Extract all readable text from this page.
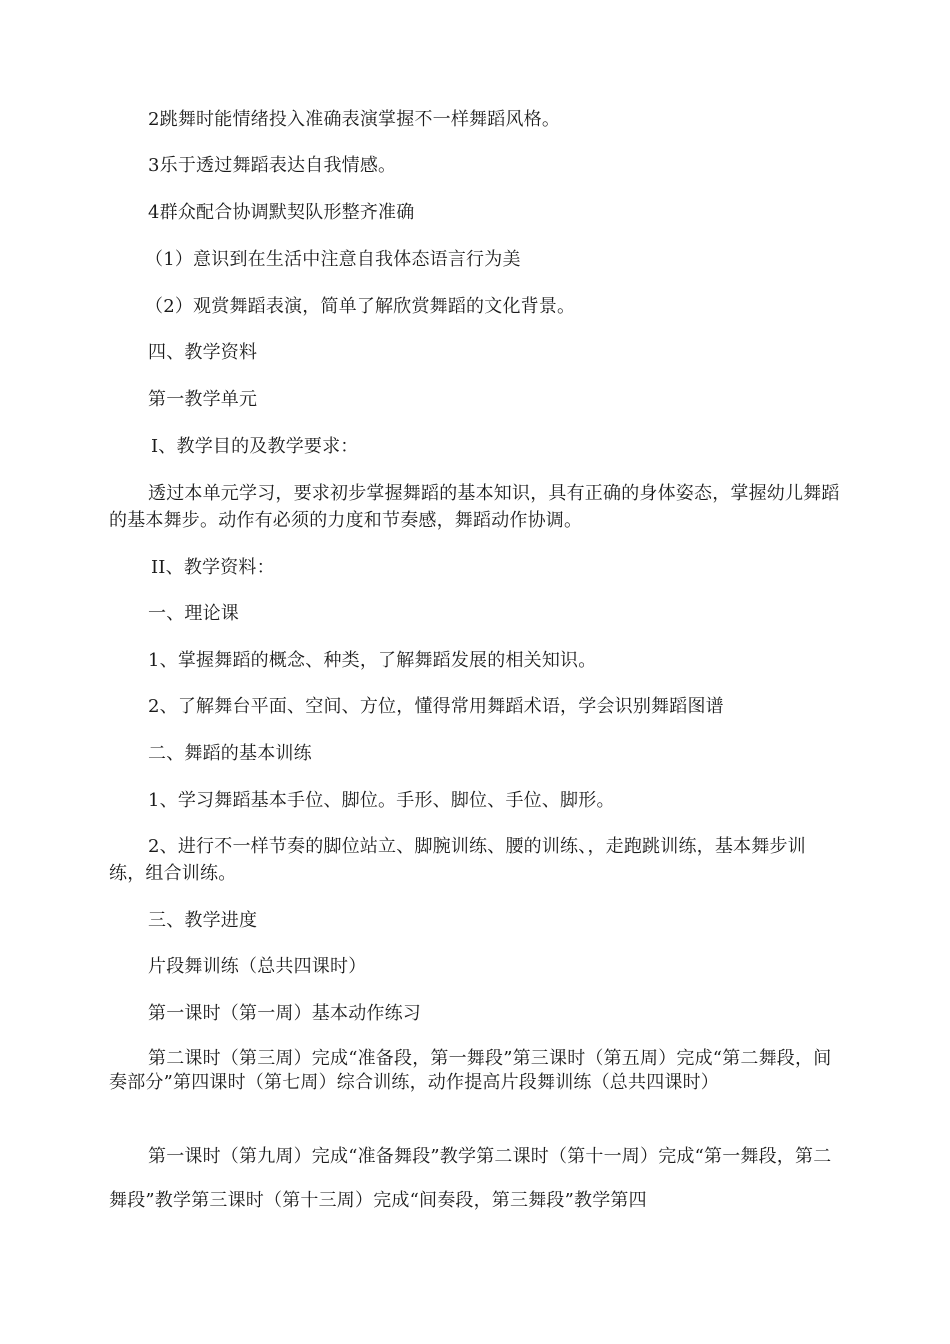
2跳舞时能情绪投入准确表演掌握不一样舞蹈风格。
3乐于透过舞蹈表达自我情感。
4群众配合协调默契队形整齐准确
（1）意识到在生活中注意自我体态语言行为美
（2）观赏舞蹈表演，简单了解欣赏舞蹈的文化背景。
四、教学资料
第一教学单元
I、教学目的及教学要求：
透过本单元学习，要求初步掌握舞蹈的基本知识，具有正确的身体姿态，掌握幼儿舞蹈的基本舞步。动作有必须的力度和节奏感，舞蹈动作协调。
II、教学资料：
一、理论课
1、掌握舞蹈的概念、种类，了解舞蹈发展的相关知识。
2、了解舞台平面、空间、方位，懂得常用舞蹈术语，学会识别舞蹈图谱
二、舞蹈的基本训练
1、学习舞蹈基本手位、脚位。手形、脚位、手位、脚形。
2、进行不一样节奏的脚位站立、脚腕训练、腰的训练、，走跑跳训练，基本舞步训练，组合训练。
三、教学进度
片段舞训练（总共四课时）
第一课时（第一周）基本动作练习
第二课时（第三周）完成“准备段，第一舞段”第三课时（第五周）完成“第二舞段，间奏部分”第四课时（第七周）综合训练，动作提高片段舞训练（总共四课时）
第一课时（第九周）完成“准备舞段”教学第二课时（第十一周）完成“第一舞段，第二舞段”教学第三课时（第十三周）完成“间奏段，第三舞段”教学第四
